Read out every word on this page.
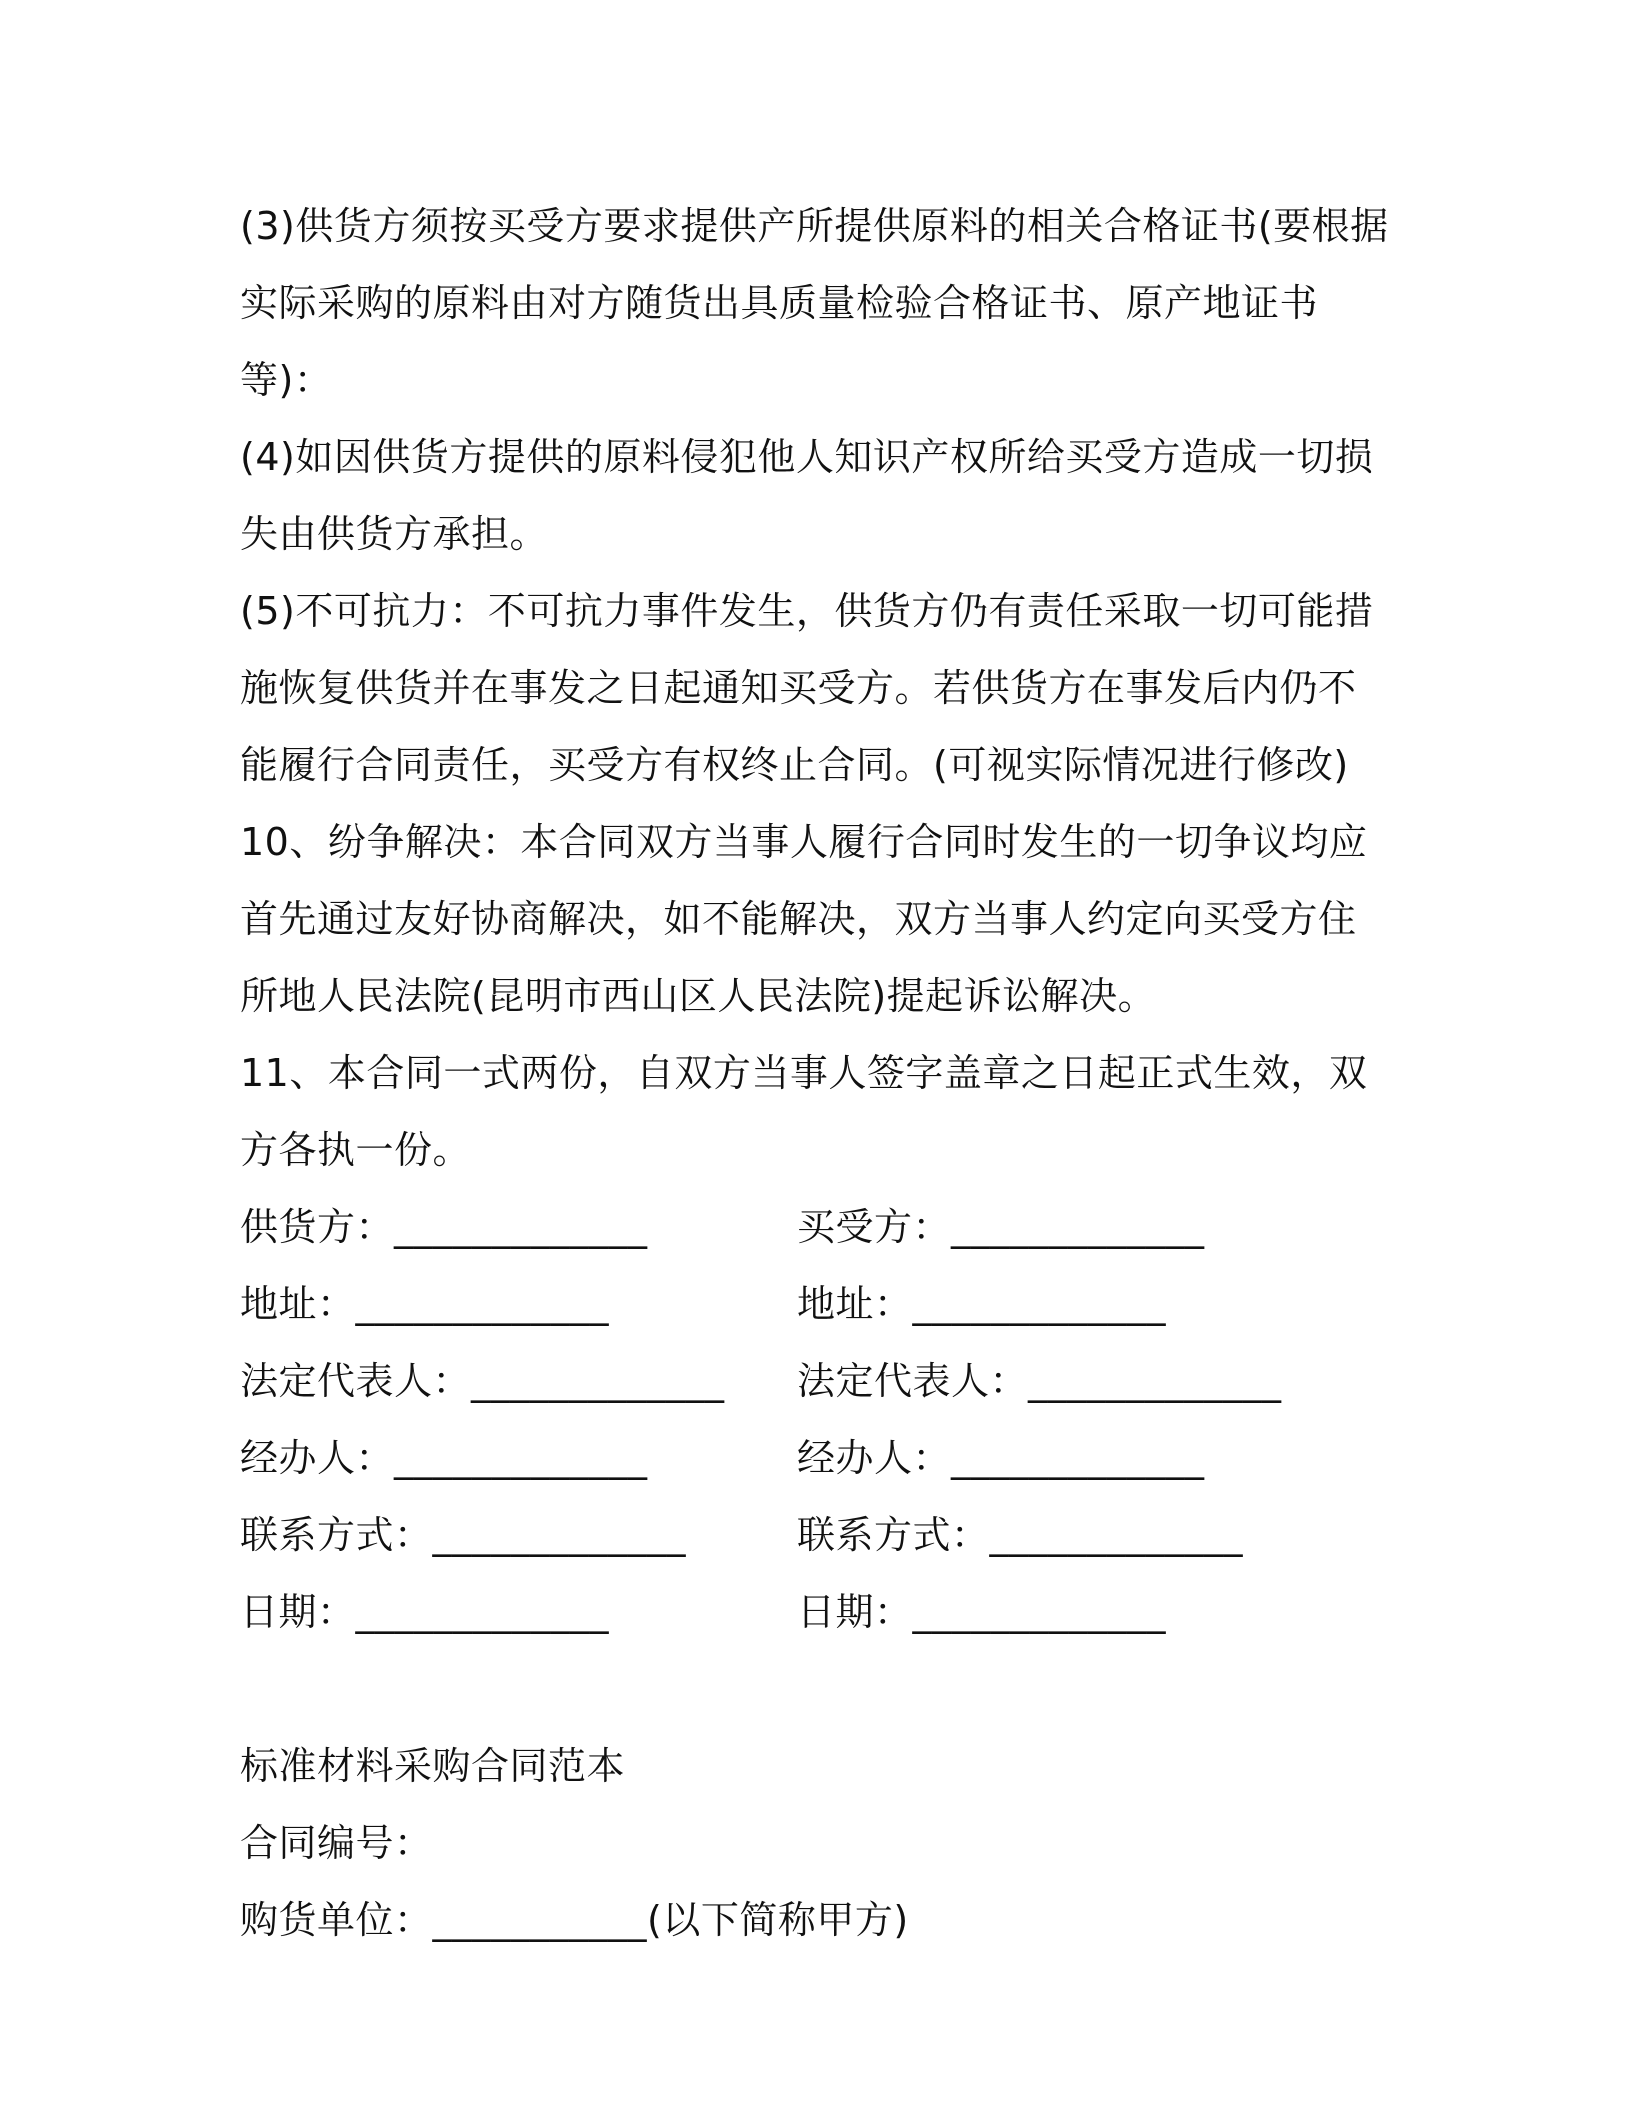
(3)供货方须按买受方要求提供产所提供原料的相关合格证书(要根据实际采购的原料由对方随货出具质量检验合格证书、原产地证书等)：

(4)如因供货方提供的原料侵犯他人知识产权所给买受方造成一切损失由供货方承担。

(5)不可抗力：不可抗力事件发生，供货方仍有责任采取一切可能措施恢复供货并在事发之日起通知买受方。若供货方在事发后内仍不能履行合同责任，买受方有权终止合同。(可视实际情况进行修改)

10、纷争解决：本合同双方当事人履行合同时发生的一切争议均应首先通过友好协商解决，如不能解决，双方当事人约定向买受方住所地人民法院(昆明市西山区人民法院)提起诉讼解决。

11、本合同一式两份，自双方当事人签字盖章之日起正式生效，双方各执一份。

供货方：_____________	买受方：_____________
地址：_____________	地址：_____________
法定代表人：_____________	法定代表人：_____________
经办人：_____________	经办人：_____________
联系方式：_____________	联系方式：_____________
日期：_____________	日期：_____________

标准材料采购合同范本

合同编号：

购货单位：___________(以下简称甲方)
